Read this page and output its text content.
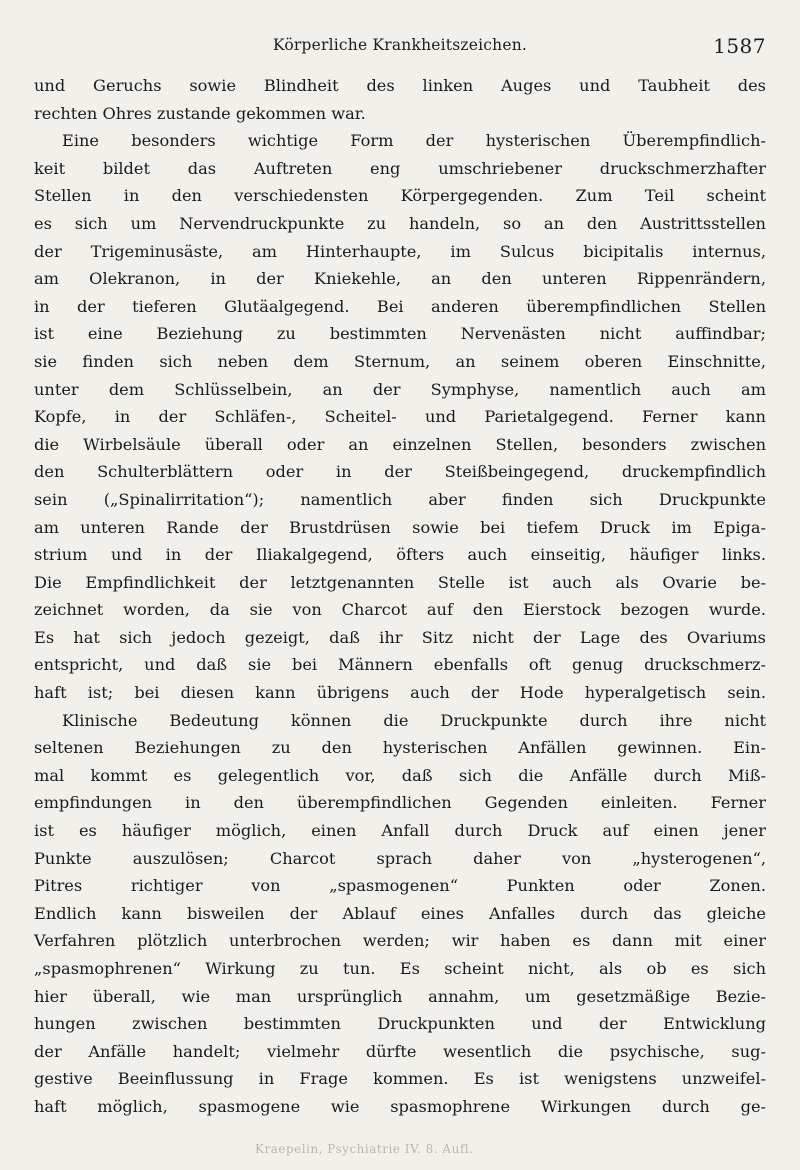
Körperliche Krankheitszeichen.	1587
und Geruchs sowie Blindheit des linken Auges und Taubheit des
rechten Ohres zustande gekommen war.
Eine besonders wichtige Form der hysterischen Überempfindlich-
keit bildet das Auftreten eng umschriebener druckschmerzhafter
Stellen in den verschiedensten Körpergegenden. Zum Teil scheint
es sich um Nervendruckpunkte zu handeln, so an den Austrittsstellen
der Trigeminusäste, am Hinterhaupte, im Sulcus bicipitalis internus,
am Olekranon, in der Kniekehle, an den unteren Rippenrändern,
in der tieferen Glutäalgegend. Bei anderen überempfindlichen Stellen
ist eine Beziehung zu bestimmten Nervenästen nicht auffindbar;
sie finden sich neben dem Sternum, an seinem oberen Einschnitte,
unter dem Schlüsselbein, an der Symphyse, namentlich auch am
Kopfe, in der Schläfen-, Scheitel- und Parietalgegend. Ferner kann
die Wirbelsäule überall oder an einzelnen Stellen, besonders zwischen
den Schulterblättern oder in der Steißbeingegend, druckempfindlich
sein („Spinalirritation“); namentlich aber finden sich Druckpunkte
am unteren Rande der Brustdrüsen sowie bei tiefem Druck im Epiga-
strium und in der Iliakalgegend, öfters auch einseitig, häufiger links.
Die Empfindlichkeit der letztgenannten Stelle ist auch als Ovarie be-
zeichnet worden, da sie von Charcot auf den Eierstock bezogen wurde.
Es hat sich jedoch gezeigt, daß ihr Sitz nicht der Lage des Ovariums
entspricht, und daß sie bei Männern ebenfalls oft genug druckschmerz-
haft ist; bei diesen kann übrigens auch der Hode hyperalgetisch sein.
Klinische Bedeutung können die Druckpunkte durch ihre nicht
seltenen Beziehungen zu den hysterischen Anfällen gewinnen. Ein-
mal kommt es gelegentlich vor, daß sich die Anfälle durch Miß-
empfindungen in den überempfindlichen Gegenden einleiten. Ferner
ist es häufiger möglich, einen Anfall durch Druck auf einen jener
Punkte auszulösen; Charcot sprach daher von „hysterogenen“,
Pitres richtiger von „spasmogenen“ Punkten oder Zonen.
Endlich kann bisweilen der Ablauf eines Anfalles durch das gleiche
Verfahren plötzlich unterbrochen werden; wir haben es dann mit einer
„spasmophrenen“ Wirkung zu tun. Es scheint nicht, als ob es sich
hier überall, wie man ursprünglich annahm, um gesetzmäßige Bezie-
hungen zwischen bestimmten Druckpunkten und der Entwicklung
der Anfälle handelt; vielmehr dürfte wesentlich die psychische, sug-
gestive Beeinflussung in Frage kommen. Es ist wenigstens unzweifel-
haft möglich, spasmogene wie spasmophrene Wirkungen durch ge-
Kraepelin, Psychiatrie IV. 8. Aufl.
